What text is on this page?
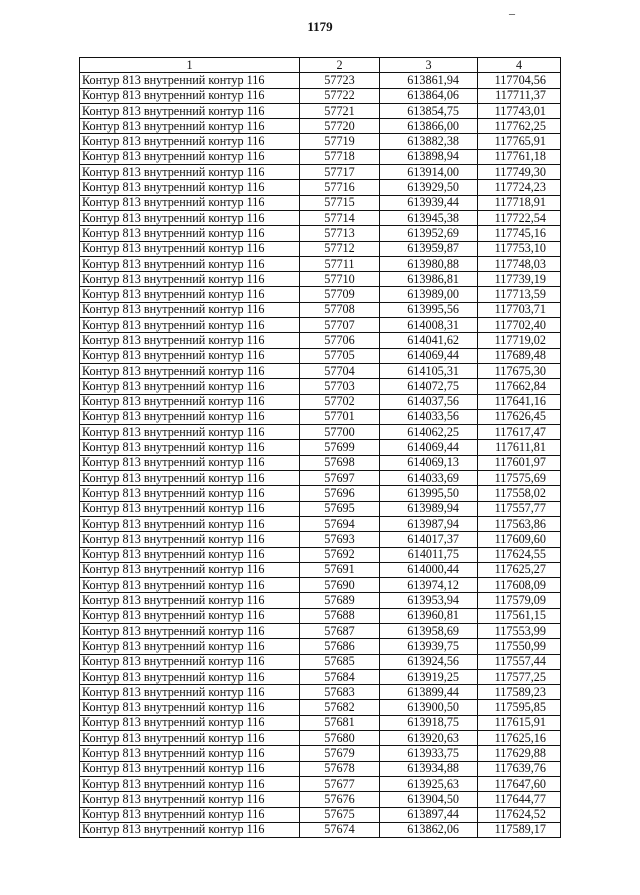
1179
–
1	2	3	4
Контур 813 внутренний контур 116	57723	613861,94	117704,56
Контур 813 внутренний контур 116	57722	613864,06	117711,37
Контур 813 внутренний контур 116	57721	613854,75	117743,01
Контур 813 внутренний контур 116	57720	613866,00	117762,25
Контур 813 внутренний контур 116	57719	613882,38	117765,91
Контур 813 внутренний контур 116	57718	613898,94	117761,18
Контур 813 внутренний контур 116	57717	613914,00	117749,30
Контур 813 внутренний контур 116	57716	613929,50	117724,23
Контур 813 внутренний контур 116	57715	613939,44	117718,91
Контур 813 внутренний контур 116	57714	613945,38	117722,54
Контур 813 внутренний контур 116	57713	613952,69	117745,16
Контур 813 внутренний контур 116	57712	613959,87	117753,10
Контур 813 внутренний контур 116	57711	613980,88	117748,03
Контур 813 внутренний контур 116	57710	613986,81	117739,19
Контур 813 внутренний контур 116	57709	613989,00	117713,59
Контур 813 внутренний контур 116	57708	613995,56	117703,71
Контур 813 внутренний контур 116	57707	614008,31	117702,40
Контур 813 внутренний контур 116	57706	614041,62	117719,02
Контур 813 внутренний контур 116	57705	614069,44	117689,48
Контур 813 внутренний контур 116	57704	614105,31	117675,30
Контур 813 внутренний контур 116	57703	614072,75	117662,84
Контур 813 внутренний контур 116	57702	614037,56	117641,16
Контур 813 внутренний контур 116	57701	614033,56	117626,45
Контур 813 внутренний контур 116	57700	614062,25	117617,47
Контур 813 внутренний контур 116	57699	614069,44	117611,81
Контур 813 внутренний контур 116	57698	614069,13	117601,97
Контур 813 внутренний контур 116	57697	614033,69	117575,69
Контур 813 внутренний контур 116	57696	613995,50	117558,02
Контур 813 внутренний контур 116	57695	613989,94	117557,77
Контур 813 внутренний контур 116	57694	613987,94	117563,86
Контур 813 внутренний контур 116	57693	614017,37	117609,60
Контур 813 внутренний контур 116	57692	614011,75	117624,55
Контур 813 внутренний контур 116	57691	614000,44	117625,27
Контур 813 внутренний контур 116	57690	613974,12	117608,09
Контур 813 внутренний контур 116	57689	613953,94	117579,09
Контур 813 внутренний контур 116	57688	613960,81	117561,15
Контур 813 внутренний контур 116	57687	613958,69	117553,99
Контур 813 внутренний контур 116	57686	613939,75	117550,99
Контур 813 внутренний контур 116	57685	613924,56	117557,44
Контур 813 внутренний контур 116	57684	613919,25	117577,25
Контур 813 внутренний контур 116	57683	613899,44	117589,23
Контур 813 внутренний контур 116	57682	613900,50	117595,85
Контур 813 внутренний контур 116	57681	613918,75	117615,91
Контур 813 внутренний контур 116	57680	613920,63	117625,16
Контур 813 внутренний контур 116	57679	613933,75	117629,88
Контур 813 внутренний контур 116	57678	613934,88	117639,76
Контур 813 внутренний контур 116	57677	613925,63	117647,60
Контур 813 внутренний контур 116	57676	613904,50	117644,77
Контур 813 внутренний контур 116	57675	613897,44	117624,52
Контур 813 внутренний контур 116	57674	613862,06	117589,17
